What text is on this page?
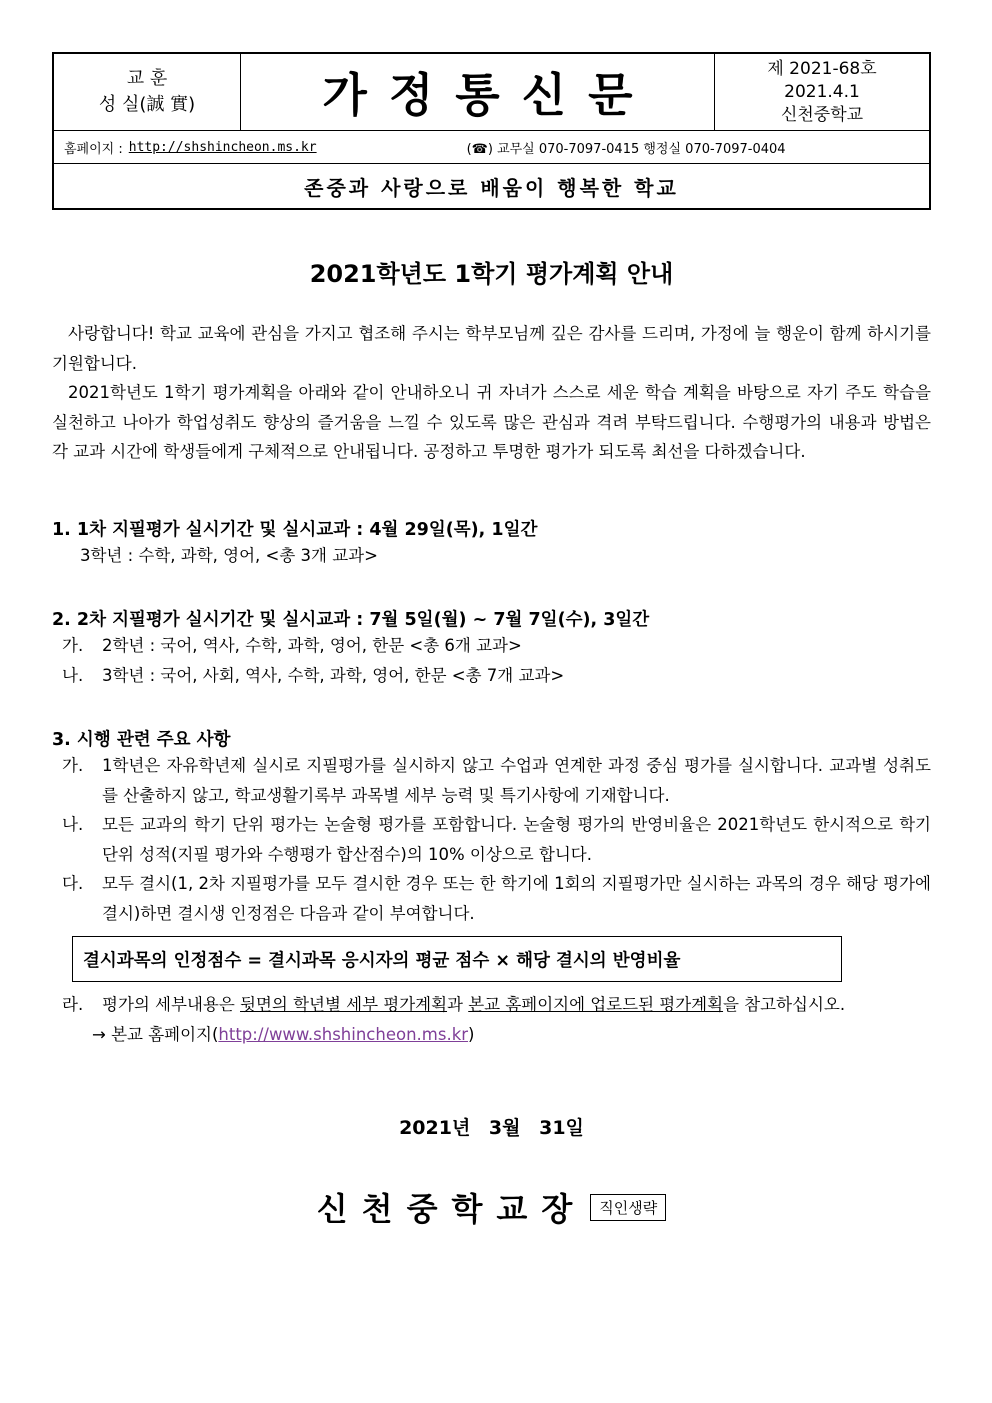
교 훈
성 실(誠 實)	가정통신문	제 2021-68호
2021.4.1
신천중학교
홈페이지 : http://shshincheon.ms.kr	(☎) 교무실 070-7097-0415 행정실 070-7097-0404
존중과 사랑으로 배움이 행복한 학교
2021학년도 1학기 평가계획 안내

사랑합니다! 학교 교육에 관심을 가지고 협조해 주시는 학부모님께 깊은 감사를 드리며, 가정에 늘 행운이 함께 하시기를 기원합니다.

2021학년도 1학기 평가계획을 아래와 같이 안내하오니 귀 자녀가 스스로 세운 학습 계획을 바탕으로 자기 주도 학습을 실천하고 나아가 학업성취도 향상의 즐거움을 느낄 수 있도록 많은 관심과 격려 부탁드립니다. 수행평가의 내용과 방법은 각 교과 시간에 학생들에게 구체적으로 안내됩니다. 공정하고 투명한 평가가 되도록 최선을 다하겠습니다.

1. 1차 지필평가 실시기간 및 실시교과 : 4월 29일(목), 1일간
3학년 : 수학, 과학, 영어, <총 3개 교과>
2. 2차 지필평가 실시기간 및 실시교과 : 7월 5일(월) ~ 7월 7일(수), 3일간
가.	2학년 : 국어, 역사, 수학, 과학, 영어, 한문 <총 6개 교과>
나.	3학년 : 국어, 사회, 역사, 수학, 과학, 영어, 한문 <총 7개 교과>
3. 시행 관련 주요 사항
가.	1학년은 자유학년제 실시로 지필평가를 실시하지 않고 수업과 연계한 과정 중심 평가를 실시합니다. 교과별 성취도를 산출하지 않고, 학교생활기록부 과목별 세부 능력 및 특기사항에 기재합니다.
나.	모든 교과의 학기 단위 평가는 논술형 평가를 포함합니다. 논술형 평가의 반영비율은 2021학년도 한시적으로 학기 단위 성적(지필 평가와 수행평가 합산점수)의 10% 이상으로 합니다.
다.	모두 결시(1, 2차 지필평가를 모두 결시한 경우 또는 한 학기에 1회의 지필평가만 실시하는 과목의 경우 해당 평가에 결시)하면 결시생 인정점은 다음과 같이 부여합니다.
결시과목의 인정점수 = 결시과목 응시자의 평균 점수 × 해당 결시의 반영비율
라.	평가의 세부내용은 뒷면의 학년별 세부 평가계획과 본교 홈페이지에 업로드된 평가계획을 참고하십시오.
→ 본교 홈페이지(http://www.shshincheon.ms.kr)
2021년 3월 31일
신천중학교장 직인생략
